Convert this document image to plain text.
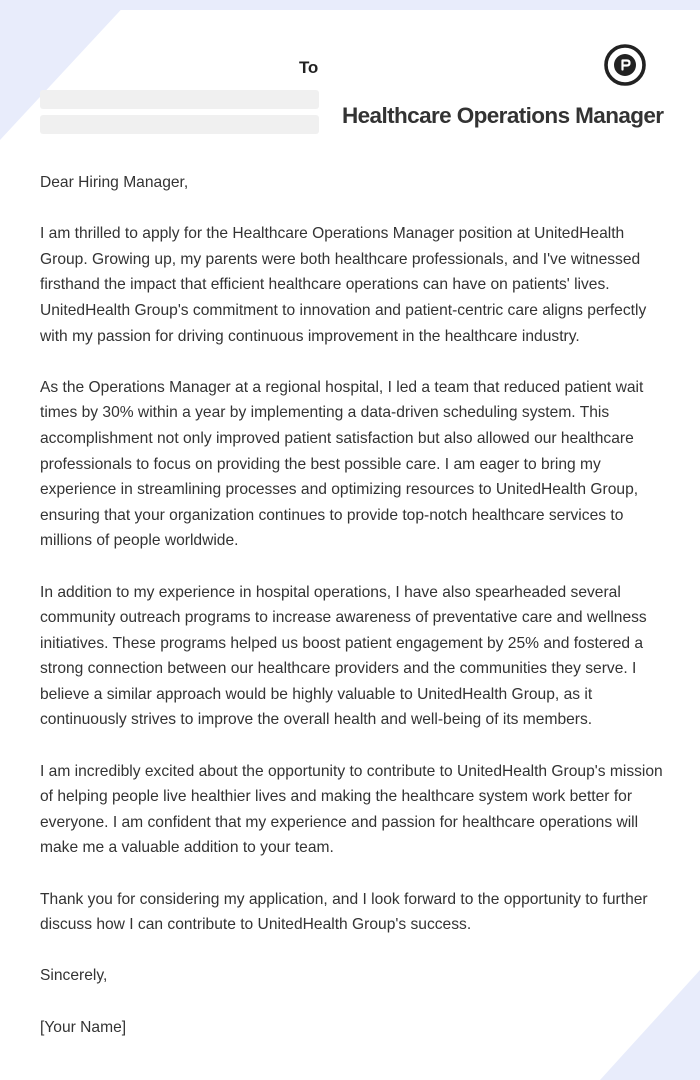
To
Healthcare Operations Manager

Dear Hiring Manager,

I am thrilled to apply for the Healthcare Operations Manager position at UnitedHealth Group. Growing up, my parents were both healthcare professionals, and I've witnessed firsthand the impact that efficient healthcare operations can have on patients' lives. UnitedHealth Group's commitment to innovation and patient-centric care aligns perfectly with my passion for driving continuous improvement in the healthcare industry.

As the Operations Manager at a regional hospital, I led a team that reduced patient wait times by 30% within a year by implementing a data-driven scheduling system. This accomplishment not only improved patient satisfaction but also allowed our healthcare professionals to focus on providing the best possible care. I am eager to bring my experience in streamlining processes and optimizing resources to UnitedHealth Group, ensuring that your organization continues to provide top-notch healthcare services to millions of people worldwide.

In addition to my experience in hospital operations, I have also spearheaded several community outreach programs to increase awareness of preventative care and wellness initiatives. These programs helped us boost patient engagement by 25% and fostered a strong connection between our healthcare providers and the communities they serve. I believe a similar approach would be highly valuable to UnitedHealth Group, as it continuously strives to improve the overall health and well-being of its members.

I am incredibly excited about the opportunity to contribute to UnitedHealth Group's mission of helping people live healthier lives and making the healthcare system work better for everyone. I am confident that my experience and passion for healthcare operations will make me a valuable addition to your team.

Thank you for considering my application, and I look forward to the opportunity to further discuss how I can contribute to UnitedHealth Group's success.

Sincerely,

[Your Name]
